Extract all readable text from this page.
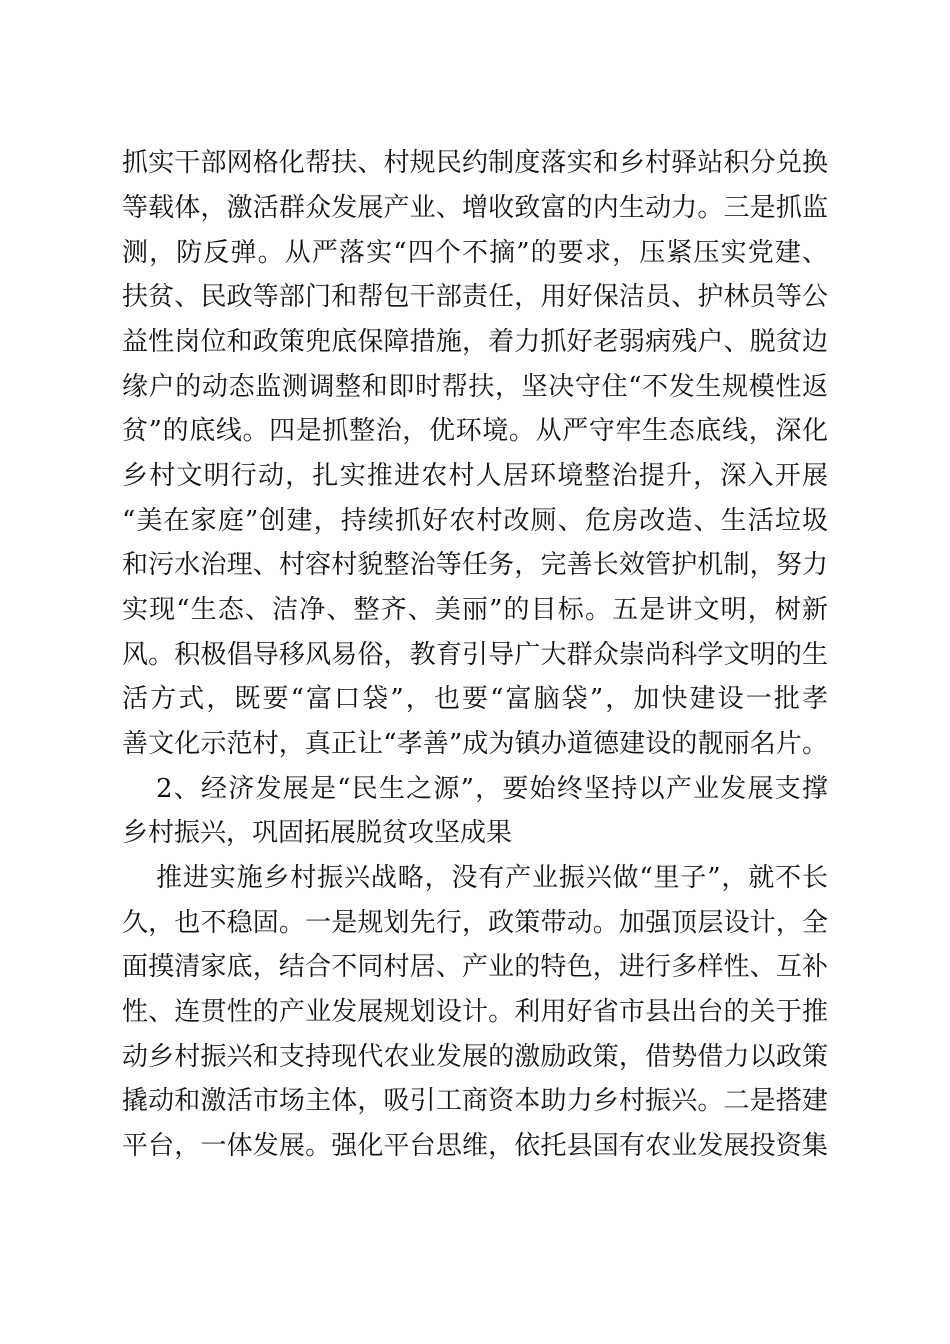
抓实干部网格化帮扶、村规民约制度落实和乡村驿站积分兑换
等载体，激活群众发展产业、增收致富的内生动力。三是抓监
测，防反弹。从严落实“四个不摘”的要求，压紧压实党建、
扶贫、民政等部门和帮包干部责任，用好保洁员、护林员等公
益性岗位和政策兜底保障措施，着力抓好老弱病残户、脱贫边
缘户的动态监测调整和即时帮扶，坚决守住“不发生规模性返
贫”的底线。四是抓整治，优环境。从严守牢生态底线，深化
乡村文明行动，扎实推进农村人居环境整治提升，深入开展
“美在家庭”创建，持续抓好农村改厕、危房改造、生活垃圾
和污水治理、村容村貌整治等任务，完善长效管护机制，努力
实现“生态、洁净、整齐、美丽”的目标。五是讲文明，树新
风。积极倡导移风易俗，教育引导广大群众崇尚科学文明的生
活方式，既要“富口袋”，也要“富脑袋”，加快建设一批孝
善文化示范村，真正让“孝善”成为镇办道德建设的靓丽名片。
2、经济发展是“民生之源”，要始终坚持以产业发展支撑
乡村振兴，巩固拓展脱贫攻坚成果
推进实施乡村振兴战略，没有产业振兴做“里子”，就不长
久，也不稳固。一是规划先行，政策带动。加强顶层设计，全
面摸清家底，结合不同村居、产业的特色，进行多样性、互补
性、连贯性的产业发展规划设计。利用好省市县出台的关于推
动乡村振兴和支持现代农业发展的激励政策，借势借力以政策
撬动和激活市场主体，吸引工商资本助力乡村振兴。二是搭建
平台，一体发展。强化平台思维，依托县国有农业发展投资集
